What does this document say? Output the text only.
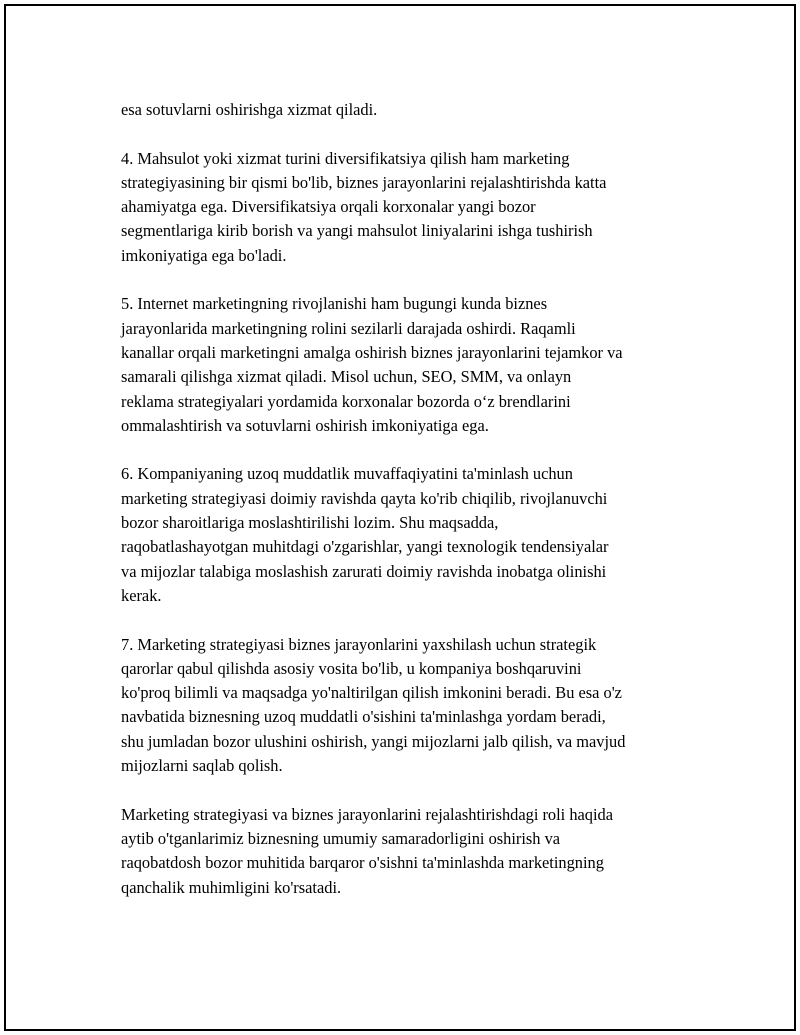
esa sotuvlarni oshirishga xizmat qiladi.

4. Mahsulot yoki xizmat turini diversifikatsiya qilish ham marketing
strategiyasining bir qismi bo'lib, biznes jarayonlarini rejalashtirishda katta
ahamiyatga ega. Diversifikatsiya orqali korxonalar yangi bozor
segmentlariga kirib borish va yangi mahsulot liniyalarini ishga tushirish
imkoniyatiga ega bo'ladi.

5. Internet marketingning rivojlanishi ham bugungi kunda biznes
jarayonlarida marketingning rolini sezilarli darajada oshirdi. Raqamli
kanallar orqali marketingni amalga oshirish biznes jarayonlarini tejamkor va
samarali qilishga xizmat qiladi. Misol uchun, SEO, SMM, va onlayn
reklama strategiyalari yordamida korxonalar bozorda o‘z brendlarini
ommalashtirish va sotuvlarni oshirish imkoniyatiga ega.

6. Kompaniyaning uzoq muddatlik muvaffaqiyatini ta'minlash uchun
marketing strategiyasi doimiy ravishda qayta ko'rib chiqilib, rivojlanuvchi
bozor sharoitlariga moslashtirilishi lozim. Shu maqsadda,
raqobatlashayotgan muhitdagi o'zgarishlar, yangi texnologik tendensiyalar
va mijozlar talabiga moslashish zarurati doimiy ravishda inobatga olinishi
kerak.

7. Marketing strategiyasi biznes jarayonlarini yaxshilash uchun strategik
qarorlar qabul qilishda asosiy vosita bo'lib, u kompaniya boshqaruvini
ko'proq bilimli va maqsadga yo'naltirilgan qilish imkonini beradi. Bu esa o'z
navbatida biznesning uzoq muddatli o'sishini ta'minlashga yordam beradi,
shu jumladan bozor ulushini oshirish, yangi mijozlarni jalb qilish, va mavjud
mijozlarni saqlab qolish.

Marketing strategiyasi va biznes jarayonlarini rejalashtirishdagi roli haqida
aytib o'tganlarimiz biznesning umumiy samaradorligini oshirish va
raqobatdosh bozor muhitida barqaror o'sishni ta'minlashda marketingning
qanchalik muhimligini ko'rsatadi.
